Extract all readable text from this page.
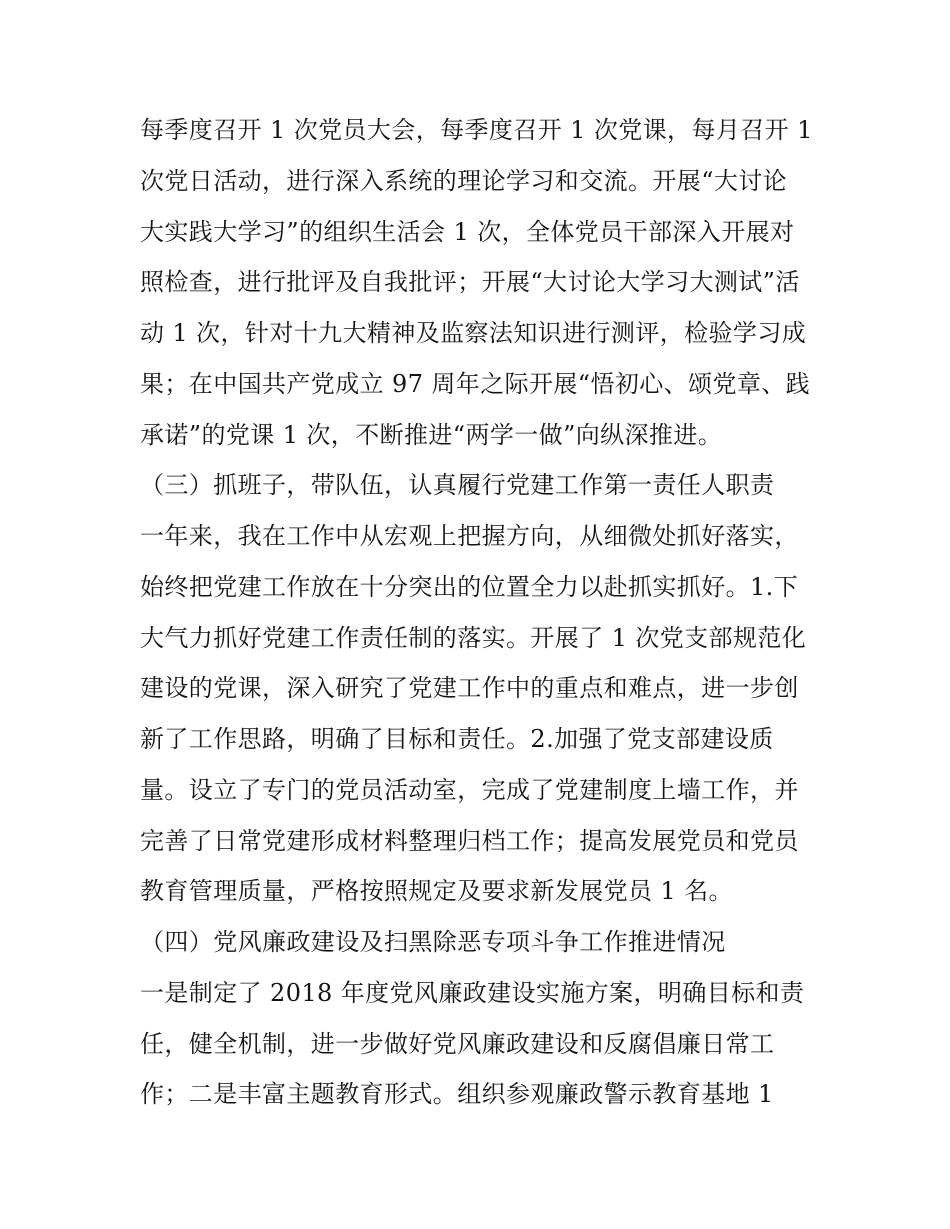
每季度召开 1 次党员大会，每季度召开 1 次党课，每月召开 1
次党日活动，进行深入系统的理论学习和交流。开展“大讨论
大实践大学习”的组织生活会 1 次，全体党员干部深入开展对
照检查，进行批评及自我批评；开展“大讨论大学习大测试”活
动 1 次，针对十九大精神及监察法知识进行测评，检验学习成
果；在中国共产党成立 97 周年之际开展“悟初心、颂党章、践
承诺”的党课 1 次，不断推进“两学一做”向纵深推进。
（三）抓班子，带队伍，认真履行党建工作第一责任人职责
一年来，我在工作中从宏观上把握方向，从细微处抓好落实，
始终把党建工作放在十分突出的位置全力以赴抓实抓好。1.下
大气力抓好党建工作责任制的落实。开展了 1 次党支部规范化
建设的党课，深入研究了党建工作中的重点和难点，进一步创
新了工作思路，明确了目标和责任。2.加强了党支部建设质
量。设立了专门的党员活动室，完成了党建制度上墙工作，并
完善了日常党建形成材料整理归档工作；提高发展党员和党员
教育管理质量，严格按照规定及要求新发展党员 1 名。
（四）党风廉政建设及扫黑除恶专项斗争工作推进情况
一是制定了 2018 年度党风廉政建设实施方案，明确目标和责
任，健全机制，进一步做好党风廉政建设和反腐倡廉日常工
作；二是丰富主题教育形式。组织参观廉政警示教育基地 1
